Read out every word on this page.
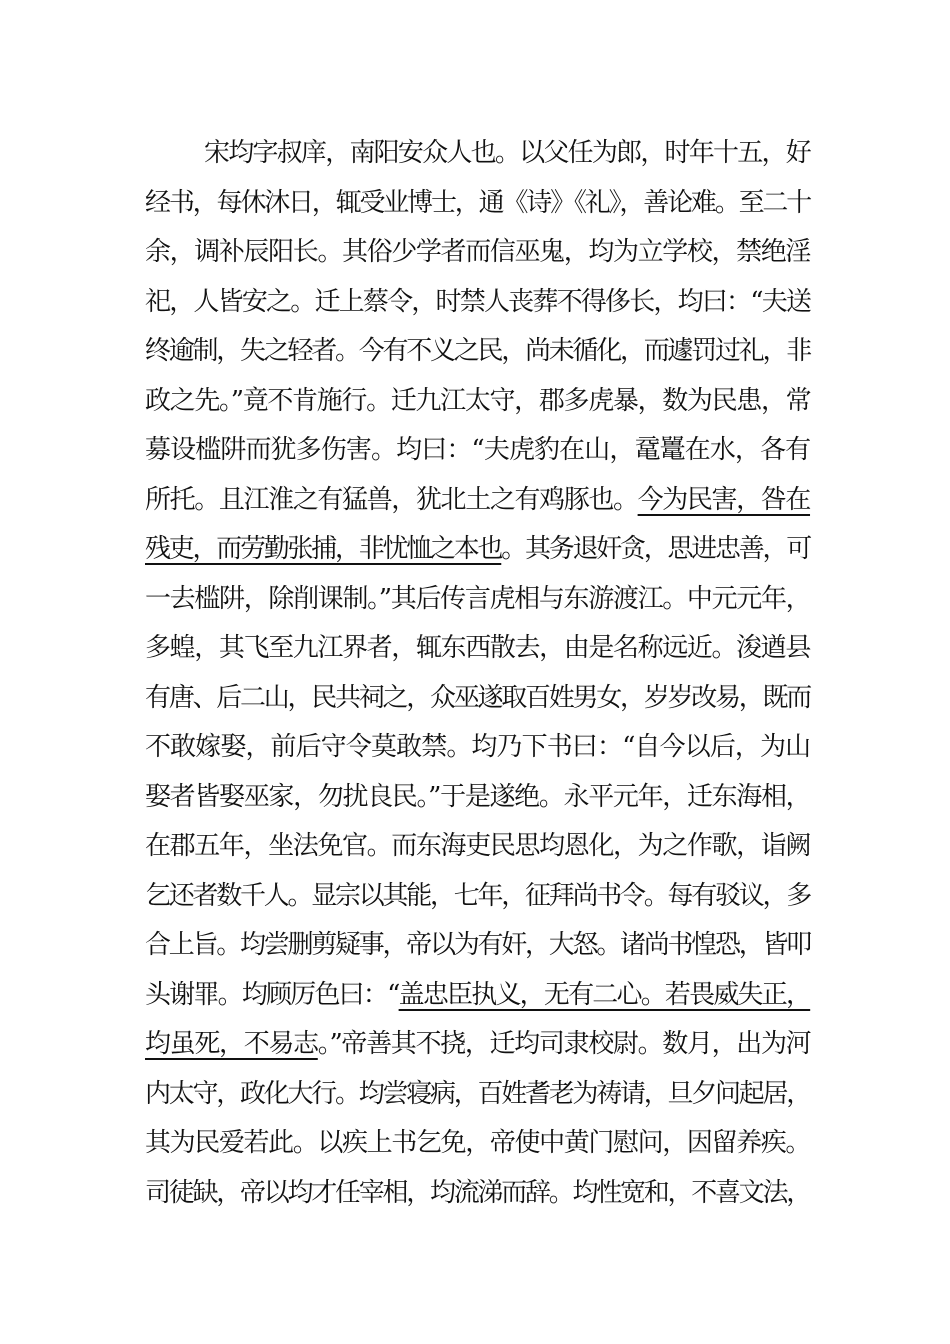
宋均字叔庠，南阳安众人也。以父任为郎，时年十五，好
经书，每休沐日，辄受业博士，通《诗》《礼》，善论难。至二十
余，调补辰阳长。其俗少学者而信巫鬼，均为立学校，禁绝淫
祀，人皆安之。迁上蔡令，时禁人丧葬不得侈长，均曰：“夫送
终逾制，失之轻者。今有不义之民，尚未循化，而遽罚过礼，非
政之先。”竟不肯施行。迁九江太守，郡多虎暴，数为民患，常
募设槛阱而犹多伤害。均曰：“夫虎豹在山，鼋鼍在水，各有
所托。且江淮之有猛兽，犹北土之有鸡豚也。今为民害，咎在
残吏，而劳勤张捕，非忧恤之本也。其务退奸贪，思进忠善，可
一去槛阱，除削课制。”其后传言虎相与东游渡江。中元元年，
多蝗，其飞至九江界者，辄东西散去，由是名称远近。浚遒县
有唐、后二山，民共祠之，众巫遂取百姓男女，岁岁改易，既而
不敢嫁娶，前后守令莫敢禁。均乃下书曰：“自今以后，为山
娶者皆娶巫家，勿扰良民。”于是遂绝。永平元年，迁东海相，
在郡五年，坐法免官。而东海吏民思均恩化，为之作歌，诣阙
乞还者数千人。显宗以其能，七年，征拜尚书令。每有驳议，多
合上旨。均尝删剪疑事，帝以为有奸，大怒。诸尚书惶恐，皆叩
头谢罪。均顾厉色曰：“盖忠臣执义，无有二心。若畏威失正，
均虽死，不易志。”帝善其不挠，迁均司隶校尉。数月，出为河
内太守，政化大行。均尝寝病，百姓耆老为祷请，旦夕问起居，
其为民爱若此。以疾上书乞免，帝使中黄门慰问，因留养疾。
司徒缺，帝以均才任宰相，均流涕而辞。均性宽和，不喜文法，
